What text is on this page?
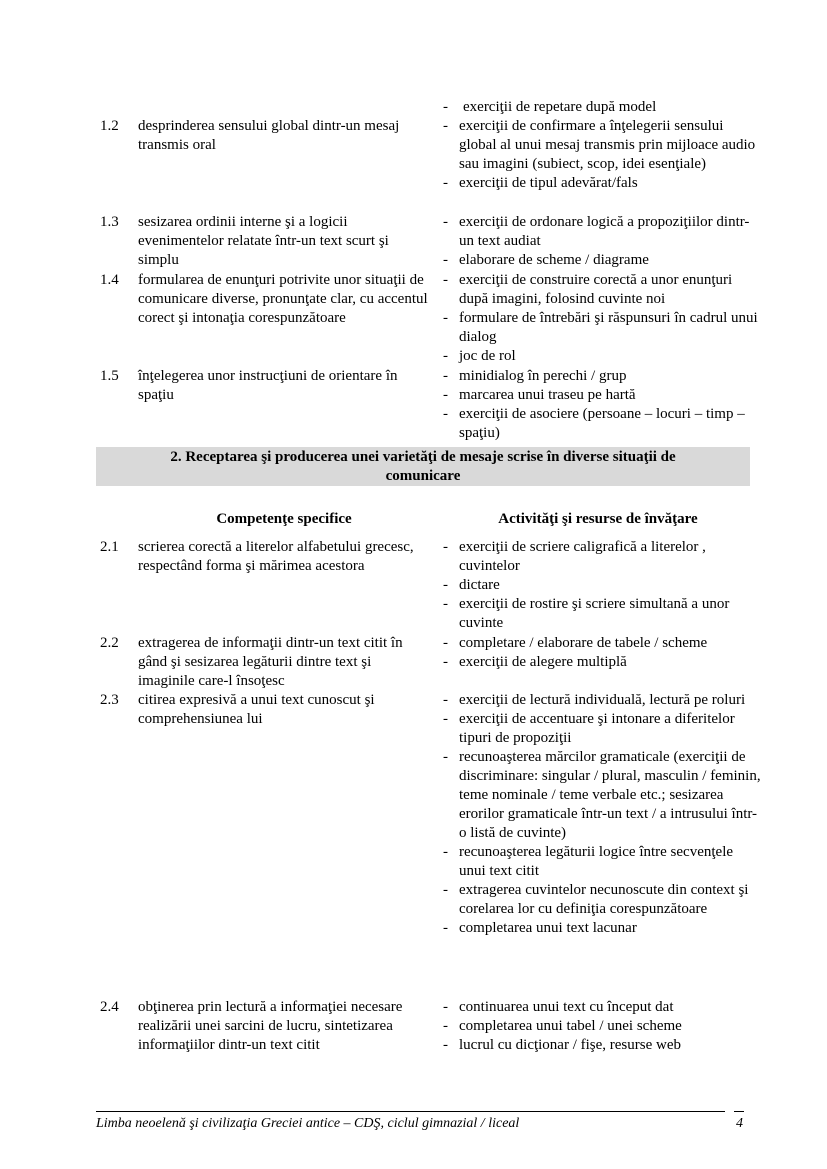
- exerciţii de repetare după model
1.2	desprinderea sensului global dintr-un mesaj transmis oral
- exerciţii de confirmare a înţelegerii sensului global al unui mesaj transmis prin mijloace audio sau imagini (subiect, scop, idei esenţiale)
- exerciţii de tipul adevărat/fals
1.3	sesizarea ordinii interne şi a logicii evenimentelor relatate într-un text scurt şi simplu
- exerciţii de ordonare logică a propoziţiilor dintr-un text audiat
- elaborare de scheme / diagrame
1.4	formularea de enunţuri potrivite unor situaţii de comunicare diverse, pronunţate clar, cu accentul corect şi intonaţia corespunzătoare
- exerciţii de construire corectă a unor enunţuri după imagini, folosind cuvinte noi
- formulare de întrebări şi răspunsuri în cadrul unui dialog
- joc de rol
1.5	înţelegerea unor instrucţiuni de orientare în spaţiu
- minidialog în perechi / grup
- marcarea unui traseu pe hartă
- exerciţii de asociere (persoane – locuri – timp – spaţiu)
2. Receptarea şi producerea unei varietăţi de mesaje scrise în diverse situaţii de comunicare
Competenţe specifice	Activităţi şi resurse de învăţare
2.1	scrierea corectă a literelor alfabetului grecesc, respectând forma şi mărimea acestora
- exerciţii de scriere caligrafică a literelor , cuvintelor
- dictare
- exerciţii de rostire şi scriere simultană a unor cuvinte
2.2	extragerea de informaţii dintr-un text citit în gând şi sesizarea legăturii dintre text şi imaginile care-l însoţesc
- completare / elaborare de tabele / scheme
- exerciţii de alegere multiplă
2.3	citirea expresivă a unui text cunoscut şi comprehensiunea lui
- exerciţii de lectură individuală, lectură pe roluri
- exerciţii de accentuare şi intonare a diferitelor tipuri de propoziţii
- recunoaşterea mărcilor gramaticale (exerciţii de discriminare: singular / plural, masculin / feminin, teme nominale / teme verbale etc.; sesizarea erorilor gramaticale într-un text / a intrusului într-o listă de cuvinte)
- recunoaşterea legăturii logice între secvenţele unui text citit
- extragerea cuvintelor necunoscute din context şi corelarea lor cu definiţia corespunzătoare
- completarea unui text lacunar
2.4	obţinerea prin lectură a informaţiei necesare realizării unei sarcini de lucru, sintetizarea informaţiilor dintr-un text citit
- continuarea unui text cu început dat
- completarea unui tabel / unei scheme
- lucrul cu dicţionar / fişe, resurse web
Limba neoelenă şi civilizaţia Greciei antice – CDŞ, ciclul gimnazial / liceal	4
